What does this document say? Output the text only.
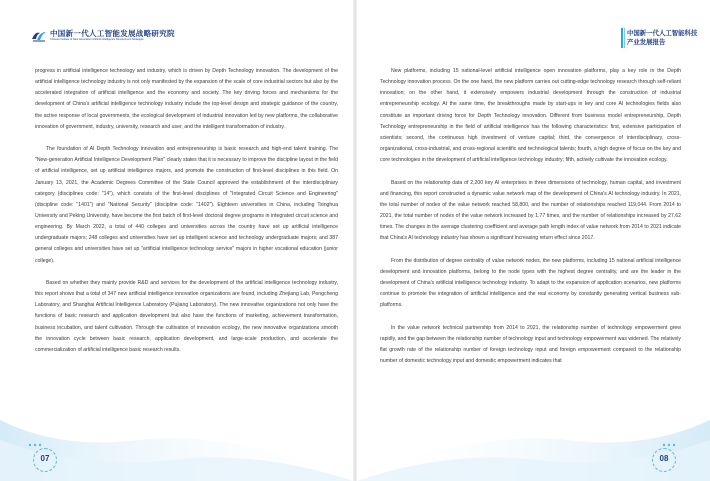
中国新一代人工智能发展战略研究院
Chinese Institute of New Generation Artificial Intelligence Development Strategies
中国新一代人工智能科技
产业发展报告

progress in artificial intelligence technology and industry, which is driven by Depth Technology innovation. The development of the artificial intelligence technology industry is not only manifested by the expansion of the scale of core industrial sectors but also by the accelerated integration of artificial intelligence and the economy and society. The key driving forces and mechanisms for the development of China's artificial intelligence technology industry include the top-level design and strategic guidance of the country, the active response of local governments, the ecological development of industrial innovation led by new platforms, the collaborative innovation of government, industry, university, research and user, and the intelligent transformation of industry.

The foundation of AI Depth Technology innovation and entrepreneurship is basic research and high-end talent training. The "New-generation Artificial Intelligence Development Plan" clearly states that it is necessary to improve the discipline layout in the field of artificial intelligence, set up artificial intelligence majors, and promote the construction of first-level disciplines in this field. On January 13, 2021, the Academic Degrees Committee of the State Council approved the establishment of the interdisciplinary category (disciplines code: "14"), which consists of the first-level disciplines of "Integrated Circuit Science and Engineering" (discipline code: "1401") and "National Security" (discipline code: "1402"). Eighteen universities in China, including Tsinghua University and Peking University, have become the first batch of first-level doctoral degree programs in integrated circuit science and engineering. By March 2022, a total of 440 colleges and universities across the country have set up artificial intelligence undergraduate majors; 248 colleges and universities have set up intelligent science and technology undergraduate majors; and 387 general colleges and universities have set up "artificial intelligence technology service" majors in higher vocational education (junior college).

Based on whether they mainly provide R&D and services for the development of the artificial intelligence technology industry, this report shows that a total of 347 new artificial intelligence innovation organizations are found, including Zhejiang Lab, Pengcheng Laboratory, and Shanghai Artificial Intelligence Laboratory (Pujiang Laboratory). The new innovative organizations not only have the functions of basic research and application development but also have the functions of marketing, achievement transformation, business incubation, and talent cultivation. Through the cultivation of innovation ecology, the new innovative organizations smooth the innovation cycle between basic research, application development, and large-scale production, and accelerate the commercialization of artificial intelligence basic research results.

New platforms, including 15 national-level artificial intelligence open innovation platforms, play a key role in the Depth Technology innovation process. On the one hand, the new platform carries out cutting-edge technology research through self-reliant innovation; on the other hand, it extensively empowers industrial development through the construction of industrial entrepreneurship ecology. At the same time, the breakthroughs made by start-ups in key and core AI technologies fields also constitute an important driving force for Depth Technology innovation. Different from business model entrepreneurship, Depth Technology entrepreneurship in the field of artificial intelligence has the following characteristics: first, extensive participation of scientists; second, the continuous high investment of venture capital; third, the convergence of interdisciplinary, cross-organizational, cross-industrial, and cross-regional scientific and technological talents; fourth, a high degree of focus on the key and core technologies in the development of artificial intelligence technology industry; fifth, actively cultivate the innovation ecology.

Based on the relationship data of 2,200 key AI enterprises in three dimensions of technology, human capital, and investment and financing, this report constructed a dynamic value network map of the development of China's AI technology industry. In 2021, the total number of nodes of the value network reached 58,800, and the number of relationships reached 119,044. From 2014 to 2021, the total number of nodes of the value network increased by 1.77 times, and the number of relationships increased by 27.62 times. The changes in the average clustering coefficient and average path length index of value network from 2014 to 2021 indicate that China's AI technology industry has shown a significant increasing return effect since 2017.

From the distribution of degree centrality of value network nodes, the new platforms, including 15 national artificial intelligence development and innovation platforms, belong to the node types with the highest degree centrality, and are the leader in the development of China's artificial intelligence technology industry. To adapt to the expansion of application scenarios, new platforms continue to promote the integration of artificial intelligence and the real economy by constantly generating vertical business sub-platforms.

In the value network technical partnership from 2014 to 2021, the relationship number of technology empowerment grew rapidly, and the gap between the relationship number of technology input and technology empowerment was widened. The relatively flat growth rate of the relationship number of foreign technology input and foreign empowerment compared to the relationship number of domestic technology input and domestic empowerment indicates that

07	08
